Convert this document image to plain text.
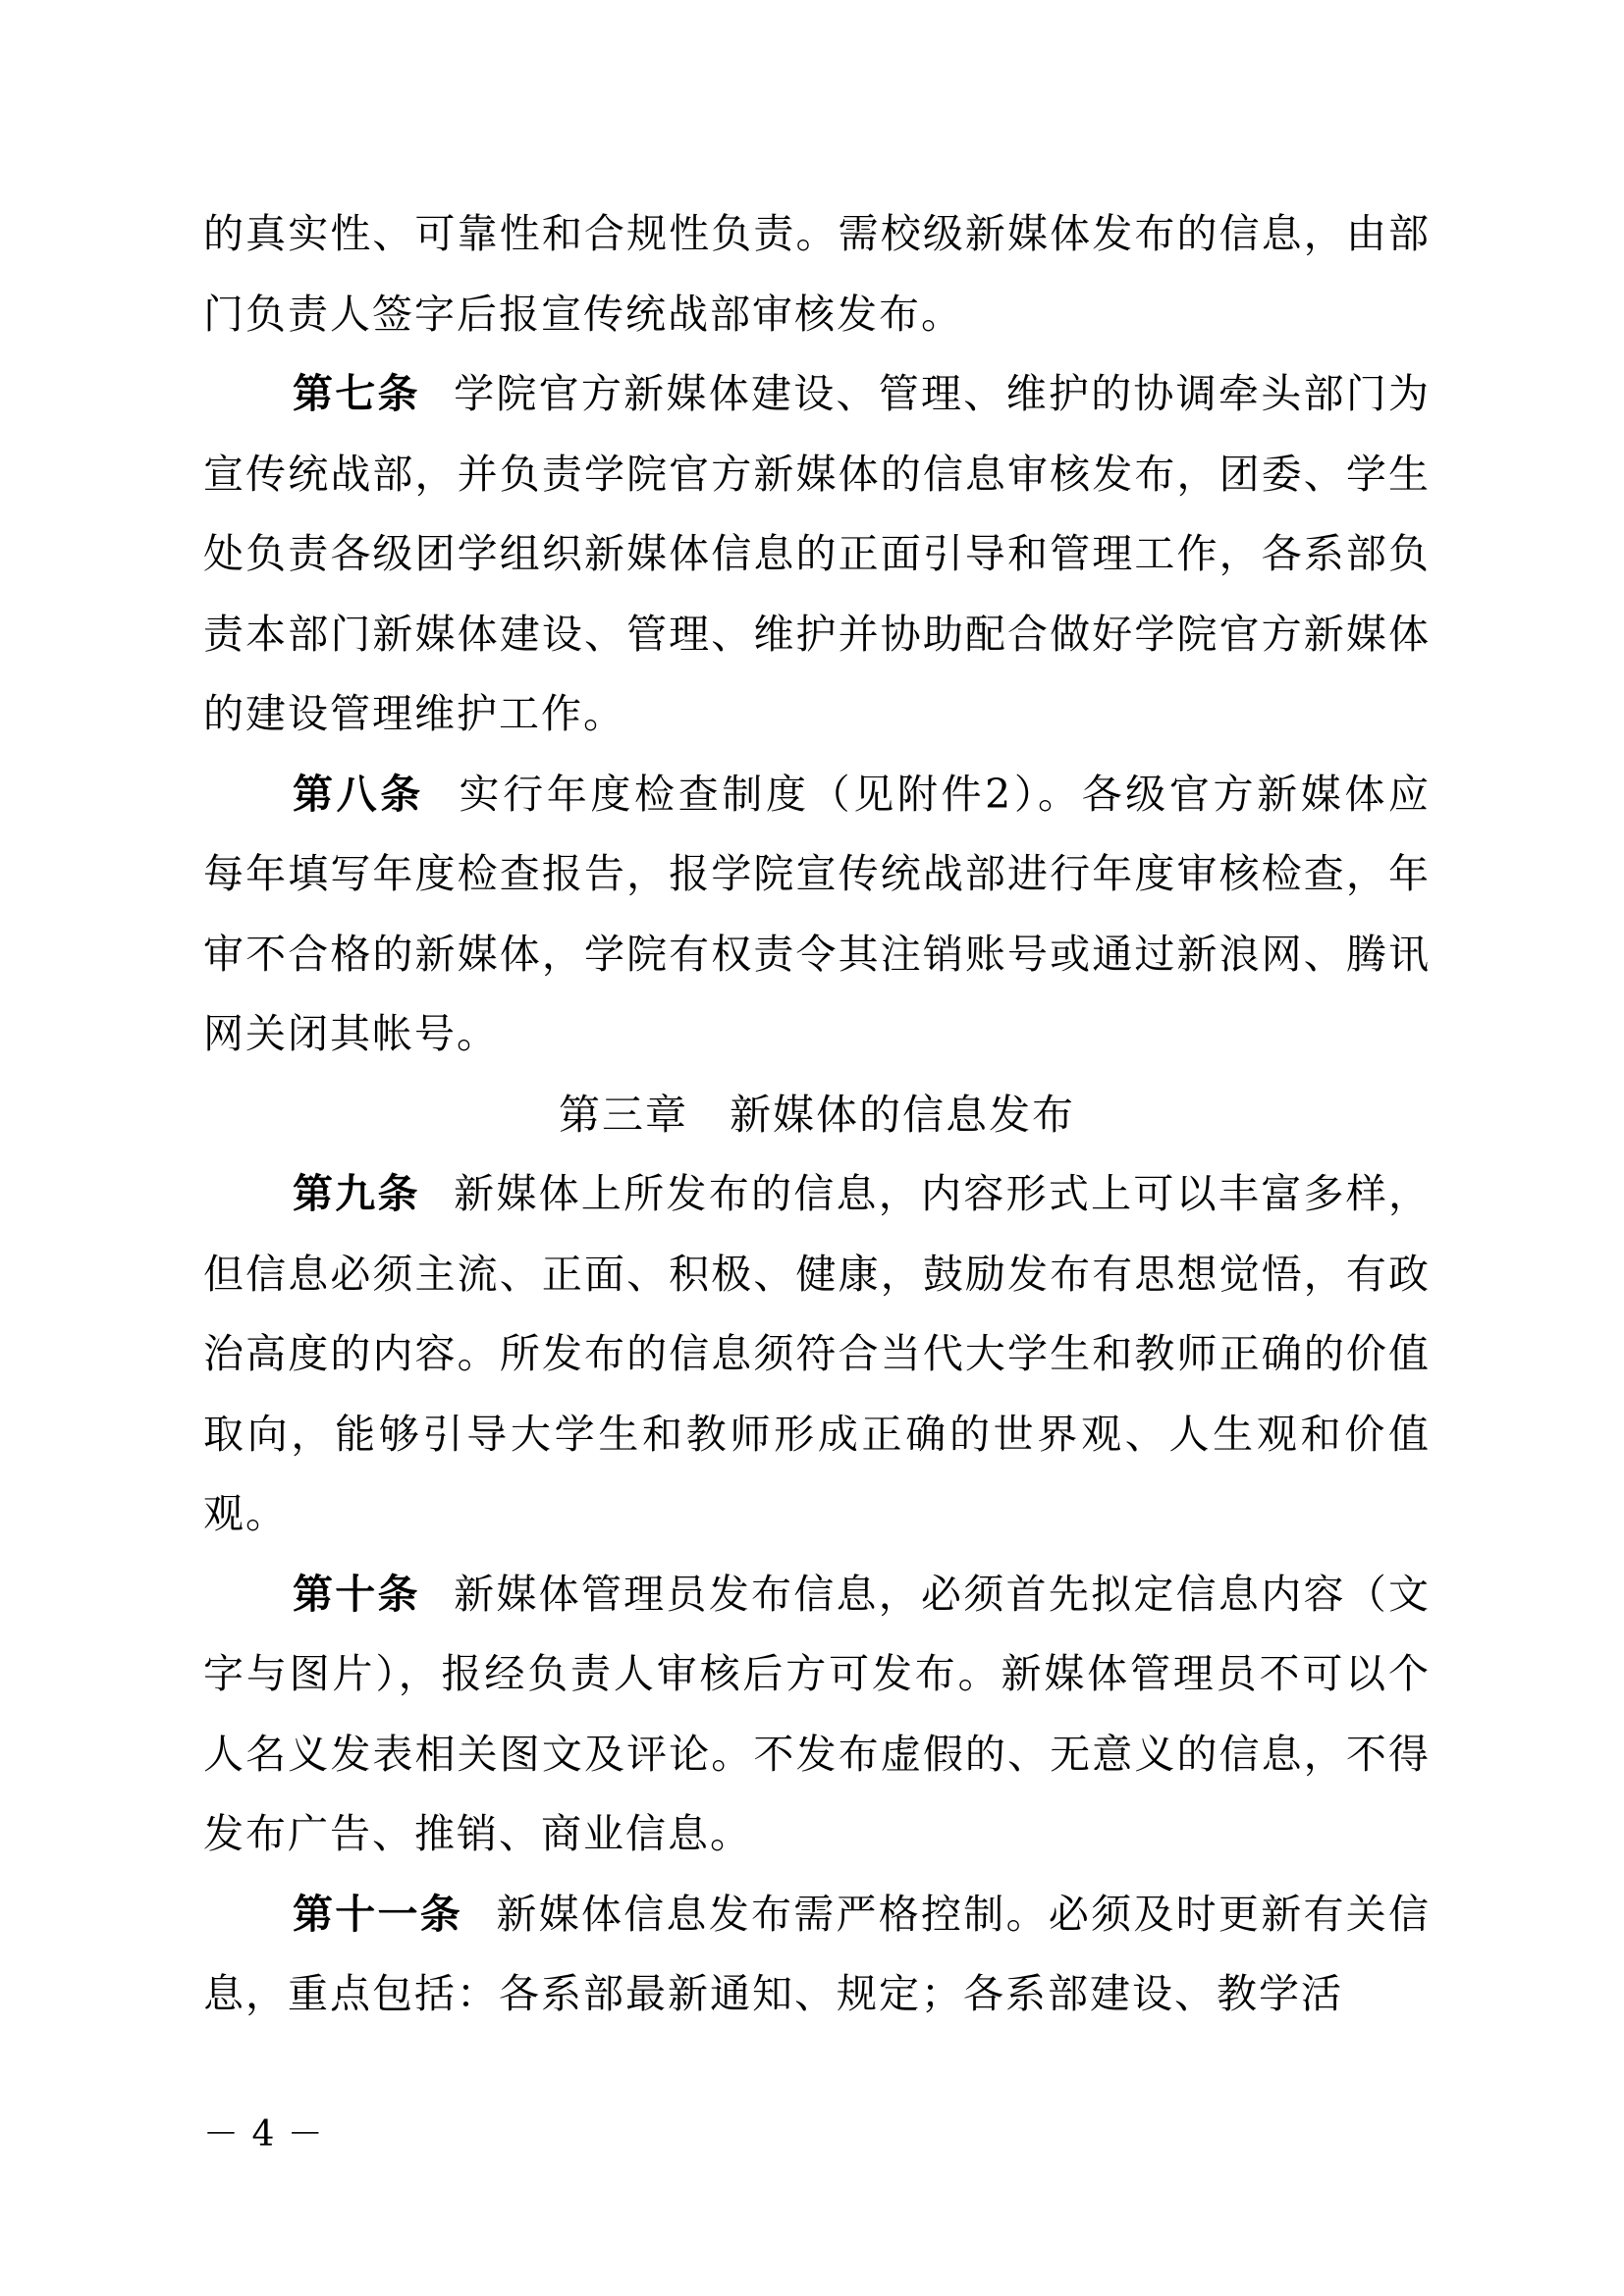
的真实性、可靠性和合规性负责。需校级新媒体发布的信息，由部门负责人签字后报宣传统战部审核发布。

第七条 学院官方新媒体建设、管理、维护的协调牵头部门为宣传统战部，并负责学院官方新媒体的信息审核发布，团委、学生处负责各级团学组织新媒体信息的正面引导和管理工作，各系部负责本部门新媒体建设、管理、维护并协助配合做好学院官方新媒体的建设管理维护工作。

第八条 实行年度检查制度（见附件2）。各级官方新媒体应每年填写年度检查报告，报学院宣传统战部进行年度审核检查，年审不合格的新媒体，学院有权责令其注销账号或通过新浪网、腾讯网关闭其帐号。

第三章 新媒体的信息发布

第九条 新媒体上所发布的信息，内容形式上可以丰富多样，但信息必须主流、正面、积极、健康，鼓励发布有思想觉悟，有政治高度的内容。所发布的信息须符合当代大学生和教师正确的价值取向，能够引导大学生和教师形成正确的世界观、人生观和价值观。

第十条 新媒体管理员发布信息，必须首先拟定信息内容（文字与图片），报经负责人审核后方可发布。新媒体管理员不可以个人名义发表相关图文及评论。不发布虚假的、无意义的信息，不得发布广告、推销、商业信息。

第十一条 新媒体信息发布需严格控制。必须及时更新有关信息，重点包括：各系部最新通知、规定；各系部建设、教学活

－ 4 －
